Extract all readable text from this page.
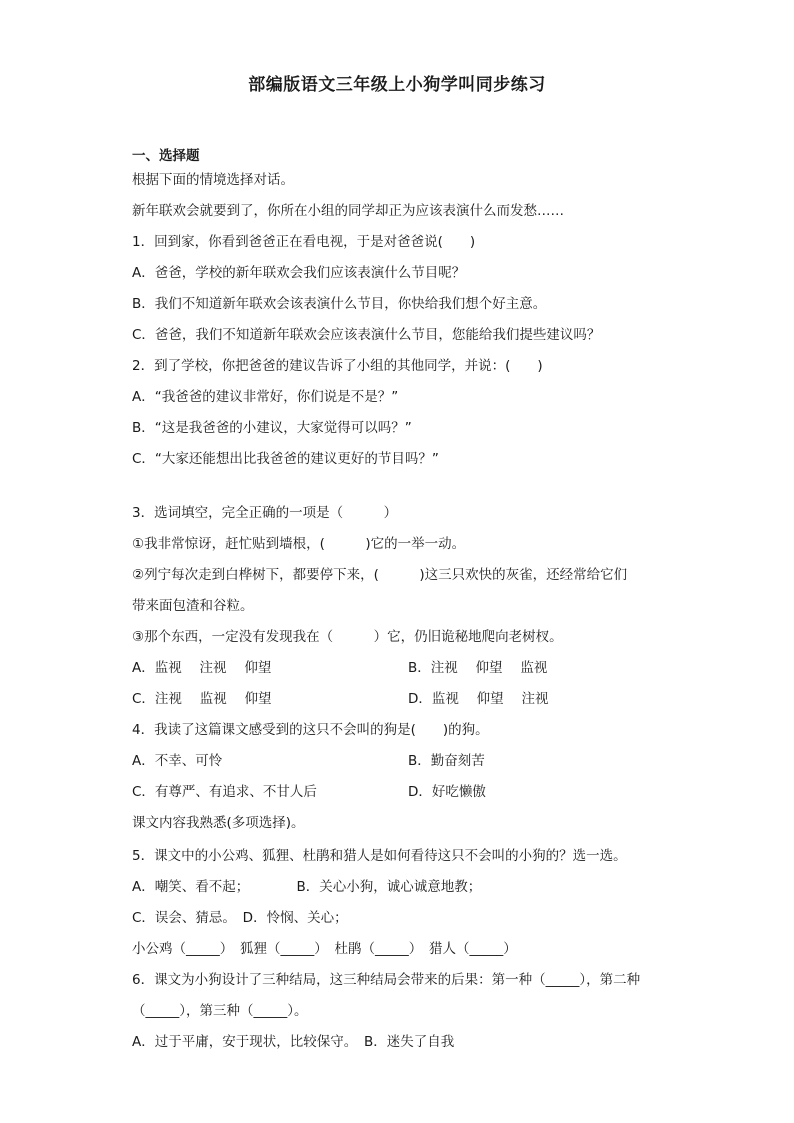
部编版语文三年级上小狗学叫同步练习
一、选择题
根据下面的情境选择对话。
新年联欢会就要到了，你所在小组的同学却正为应该表演什么而发愁……
1．回到家，你看到爸爸正在看电视，于是对爸爸说(　　)
A．爸爸，学校的新年联欢会我们应该表演什么节目呢？
B．我们不知道新年联欢会该表演什么节目，你快给我们想个好主意。
C．爸爸，我们不知道新年联欢会应该表演什么节目，您能给我们提些建议吗？
2．到了学校，你把爸爸的建议告诉了小组的其他同学，并说：(　　)
A．“我爸爸的建议非常好，你们说是不是？”
B．“这是我爸爸的小建议，大家觉得可以吗？”
C．“大家还能想出比我爸爸的建议更好的节目吗？”
3．选词填空，完全正确的一项是（　　　）
①我非常惊讶，赶忙贴到墙根，(　　　)它的一举一动。
②列宁每次走到白桦树下，都要停下来，(　　　)这三只欢快的灰雀，还经常给它们
带来面包渣和谷粒。
③那个东西，一定没有发现我在（　　　）它，仍旧诡秘地爬向老树杈。
A．监视　 注视　 仰望	B．注视　 仰望　 监视
C．注视　 监视　 仰望	D．监视　 仰望　 注视
4．我读了这篇课文感受到的这只不会叫的狗是(　　)的狗。
A．不幸、可怜	B．勤奋刻苦
C．有尊严、有追求、不甘人后	D．好吃懒傲
课文内容我熟悉(多项选择)。
5．课文中的小公鸡、狐狸、杜鹃和猎人是如何看待这只不会叫的小狗的？选一选。
A．嘲笑、看不起；　　　　B．关心小狗，诚心诚意地教；
C．误会、猜忌。　D．怜悯、关心；
小公鸡（_____）　狐狸（_____）　杜鹃（_____）　猎人（_____）
6．课文为小狗设计了三种结局，这三种结局会带来的后果：第一种（_____），第二种
（_____），第三种（_____）。
A．过于平庸，安于现状，比较保守。　B．迷失了自我
